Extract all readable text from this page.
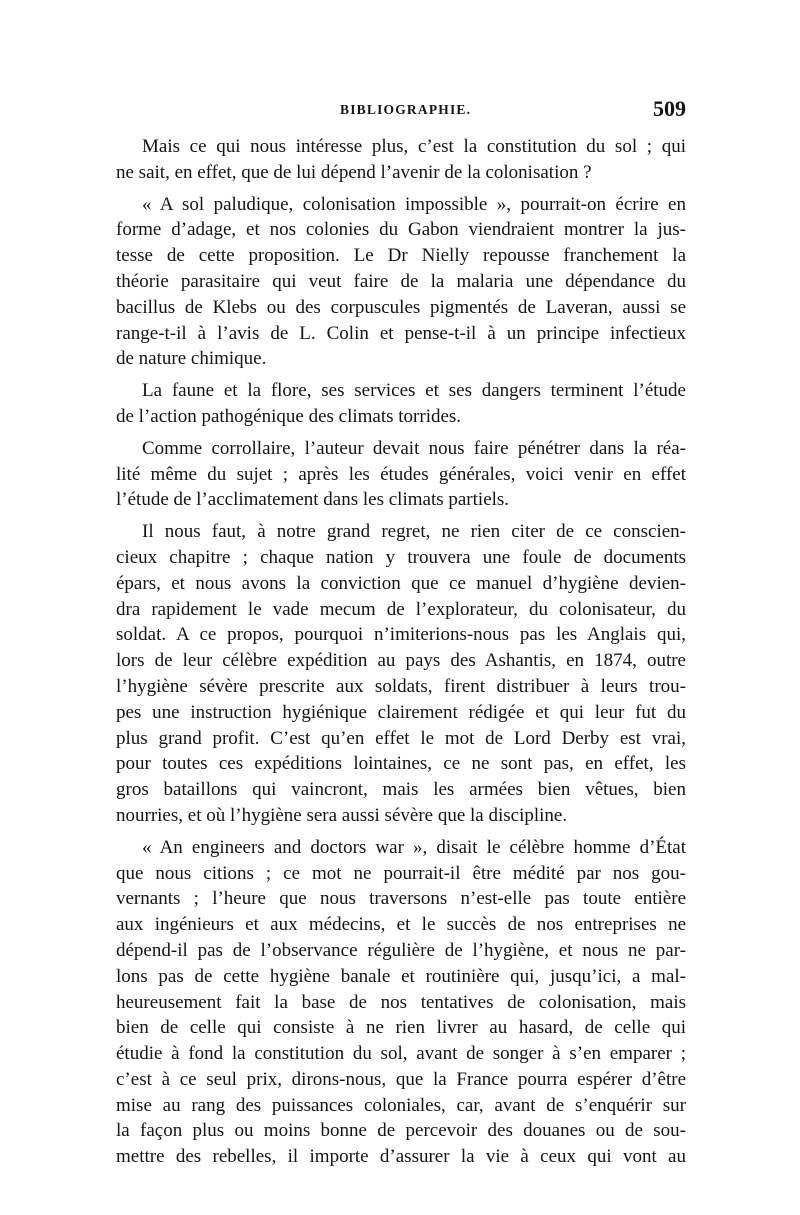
BIBLIOGRAPHIE.	509

Mais ce qui nous intéresse plus, c’est la constitution du sol ; qui
ne sait, en effet, que de lui dépend l’avenir de la colonisation ?

« A sol paludique, colonisation impossible », pourrait-on écrire en
forme d’adage, et nos colonies du Gabon viendraient montrer la jus-
tesse de cette proposition. Le Dr Nielly repousse franchement la
théorie parasitaire qui veut faire de la malaria une dépendance du
bacillus de Klebs ou des corpuscules pigmentés de Laveran, aussi se
range-t-il à l’avis de L. Colin et pense-t-il à un principe infectieux
de nature chimique.

La faune et la flore, ses services et ses dangers terminent l’étude
de l’action pathogénique des climats torrides.

Comme corrollaire, l’auteur devait nous faire pénétrer dans la réa-
lité même du sujet ; après les études générales, voici venir en effet
l’étude de l’acclimatement dans les climats partiels.

Il nous faut, à notre grand regret, ne rien citer de ce conscien-
cieux chapitre ; chaque nation y trouvera une foule de documents
épars, et nous avons la conviction que ce manuel d’hygiène devien-
dra rapidement le vade mecum de l’explorateur, du colonisateur, du
soldat. A ce propos, pourquoi n’imiterions-nous pas les Anglais qui,
lors de leur célèbre expédition au pays des Ashantis, en 1874, outre
l’hygiène sévère prescrite aux soldats, firent distribuer à leurs trou-
pes une instruction hygiénique clairement rédigée et qui leur fut du
plus grand profit. C’est qu’en effet le mot de Lord Derby est vrai,
pour toutes ces expéditions lointaines, ce ne sont pas, en effet, les
gros bataillons qui vaincront, mais les armées bien vêtues, bien
nourries, et où l’hygiène sera aussi sévère que la discipline.

« An engineers and doctors war », disait le célèbre homme d’État
que nous citions ; ce mot ne pourrait-il être médité par nos gou-
vernants ; l’heure que nous traversons n’est-elle pas toute entière
aux ingénieurs et aux médecins, et le succès de nos entreprises ne
dépend-il pas de l’observance régulière de l’hygiène, et nous ne par-
lons pas de cette hygiène banale et routinière qui, jusqu’ici, a mal-
heureusement fait la base de nos tentatives de colonisation, mais
bien de celle qui consiste à ne rien livrer au hasard, de celle qui
étudie à fond la constitution du sol, avant de songer à s’en emparer ;
c’est à ce seul prix, dirons-nous, que la France pourra espérer d’être
mise au rang des puissances coloniales, car, avant de s’enquérir sur
la façon plus ou moins bonne de percevoir des douanes ou de sou-
mettre des rebelles, il importe d’assurer la vie à ceux qui vont au
